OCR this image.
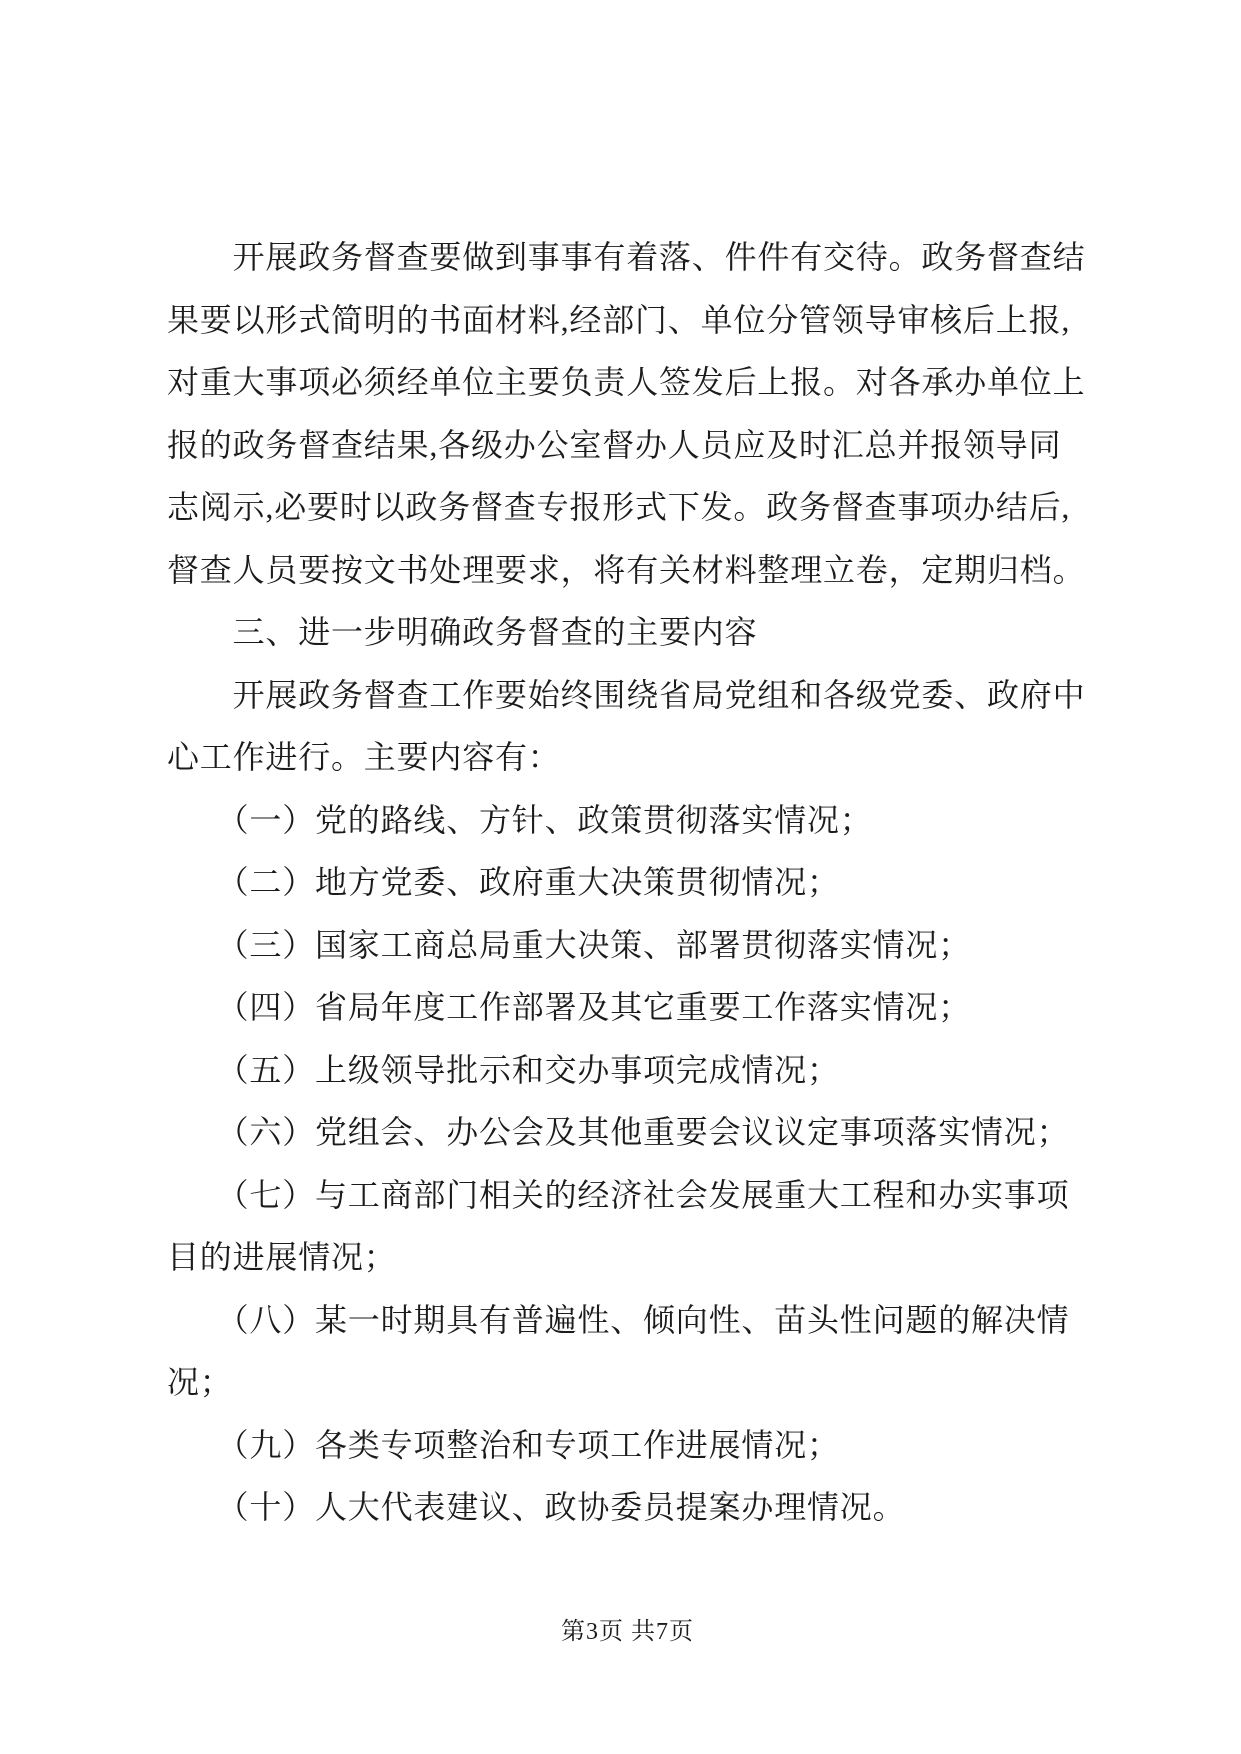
　　开展政务督查要做到事事有着落、件件有交待。政务督查结
果要以形式简明的书面材料,经部门、单位分管领导审核后上报,
对重大事项必须经单位主要负责人签发后上报。对各承办单位上
报的政务督查结果,各级办公室督办人员应及时汇总并报领导同
志阅示,必要时以政务督查专报形式下发。政务督查事项办结后,
督查人员要按文书处理要求，将有关材料整理立卷，定期归档。
　　三、进一步明确政务督查的主要内容
　　开展政务督查工作要始终围绕省局党组和各级党委、政府中
心工作进行。主要内容有：
　　（一）党的路线、方针、政策贯彻落实情况；
　　（二）地方党委、政府重大决策贯彻情况；
　　（三）国家工商总局重大决策、部署贯彻落实情况；
　　（四）省局年度工作部署及其它重要工作落实情况；
　　（五）上级领导批示和交办事项完成情况；
　　（六）党组会、办公会及其他重要会议议定事项落实情况；
　　（七）与工商部门相关的经济社会发展重大工程和办实事项
目的进展情况；
　　（八）某一时期具有普遍性、倾向性、苗头性问题的解决情
况；
　　（九）各类专项整治和专项工作进展情况；
　　（十）人大代表建议、政协委员提案办理情况。
第3页 共7页
